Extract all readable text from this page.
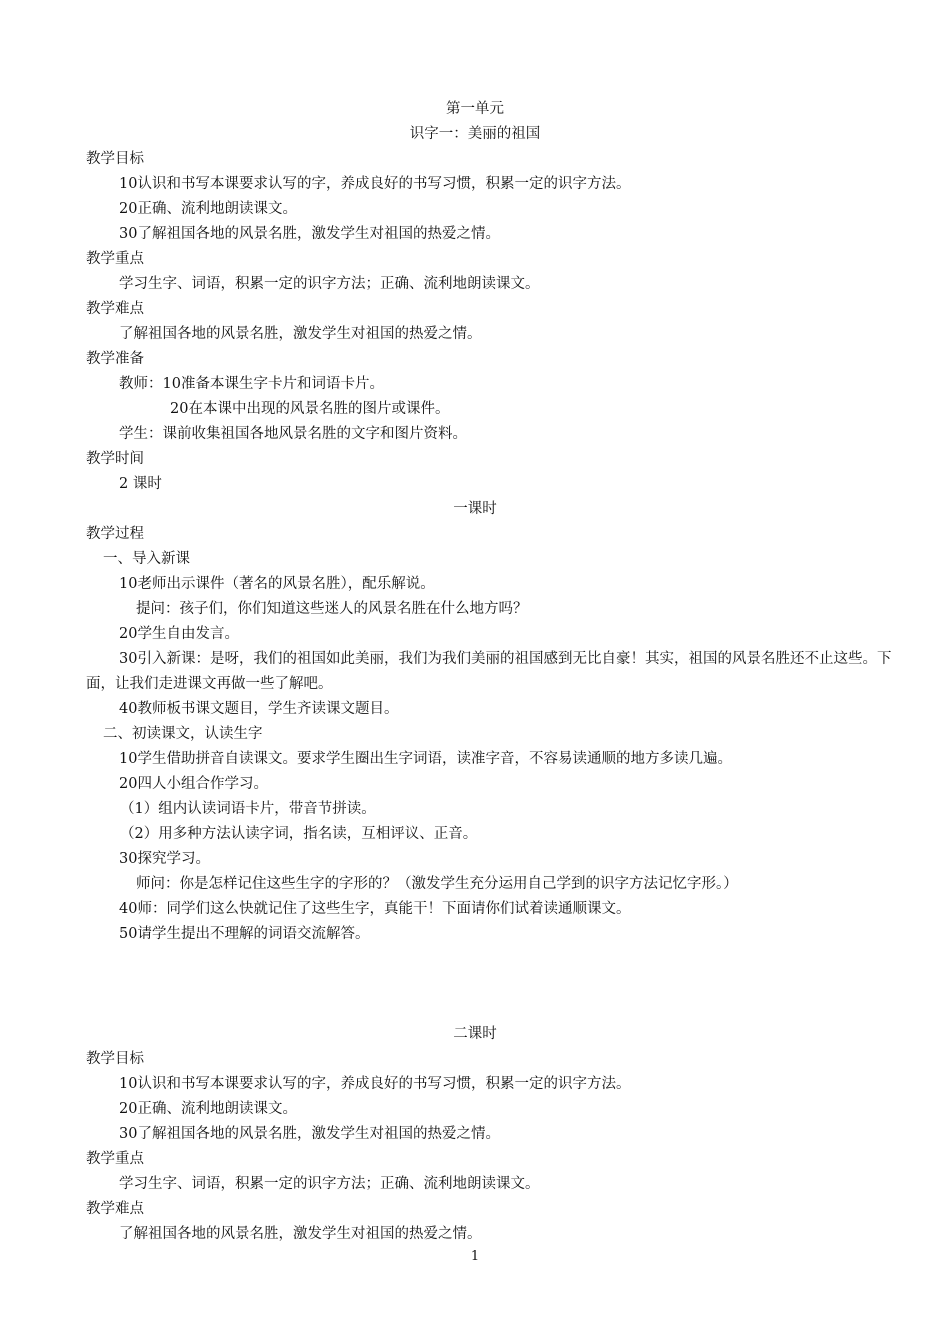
第一单元
识字一：美丽的祖国
教学目标
10认识和书写本课要求认写的字，养成良好的书写习惯，积累一定的识字方法。
20正确、流利地朗读课文。
30了解祖国各地的风景名胜，激发学生对祖国的热爱之情。
教学重点
学习生字、词语，积累一定的识字方法；正确、流利地朗读课文。
教学难点
了解祖国各地的风景名胜，激发学生对祖国的热爱之情。
教学准备
教师：10准备本课生字卡片和词语卡片。
20在本课中出现的风景名胜的图片或课件。
学生：课前收集祖国各地风景名胜的文字和图片资料。
教学时间
2 课时
一课时
教学过程
一、导入新课
10老师出示课件（著名的风景名胜），配乐解说。
提问：孩子们，你们知道这些迷人的风景名胜在什么地方吗？
20学生自由发言。
30引入新课：是呀，我们的祖国如此美丽，我们为我们美丽的祖国感到无比自豪！其实，祖国的风景名胜还不止这些。下面，让我们走进课文再做一些了解吧。
40教师板书课文题目，学生齐读课文题目。
二、初读课文，认读生字
10学生借助拼音自读课文。要求学生圈出生字词语，读准字音，不容易读通顺的地方多读几遍。
20四人小组合作学习。
（1）组内认读词语卡片，带音节拼读。
（2）用多种方法认读字词，指名读，互相评议、正音。
30探究学习。
师问：你是怎样记住这些生字的字形的？（激发学生充分运用自己学到的识字方法记忆字形。）
40师：同学们这么快就记住了这些生字，真能干！下面请你们试着读通顺课文。
50请学生提出不理解的词语交流解答。
二课时
教学目标
10认识和书写本课要求认写的字，养成良好的书写习惯，积累一定的识字方法。
20正确、流利地朗读课文。
30了解祖国各地的风景名胜，激发学生对祖国的热爱之情。
教学重点
学习生字、词语，积累一定的识字方法；正确、流利地朗读课文。
教学难点
了解祖国各地的风景名胜，激发学生对祖国的热爱之情。
1
